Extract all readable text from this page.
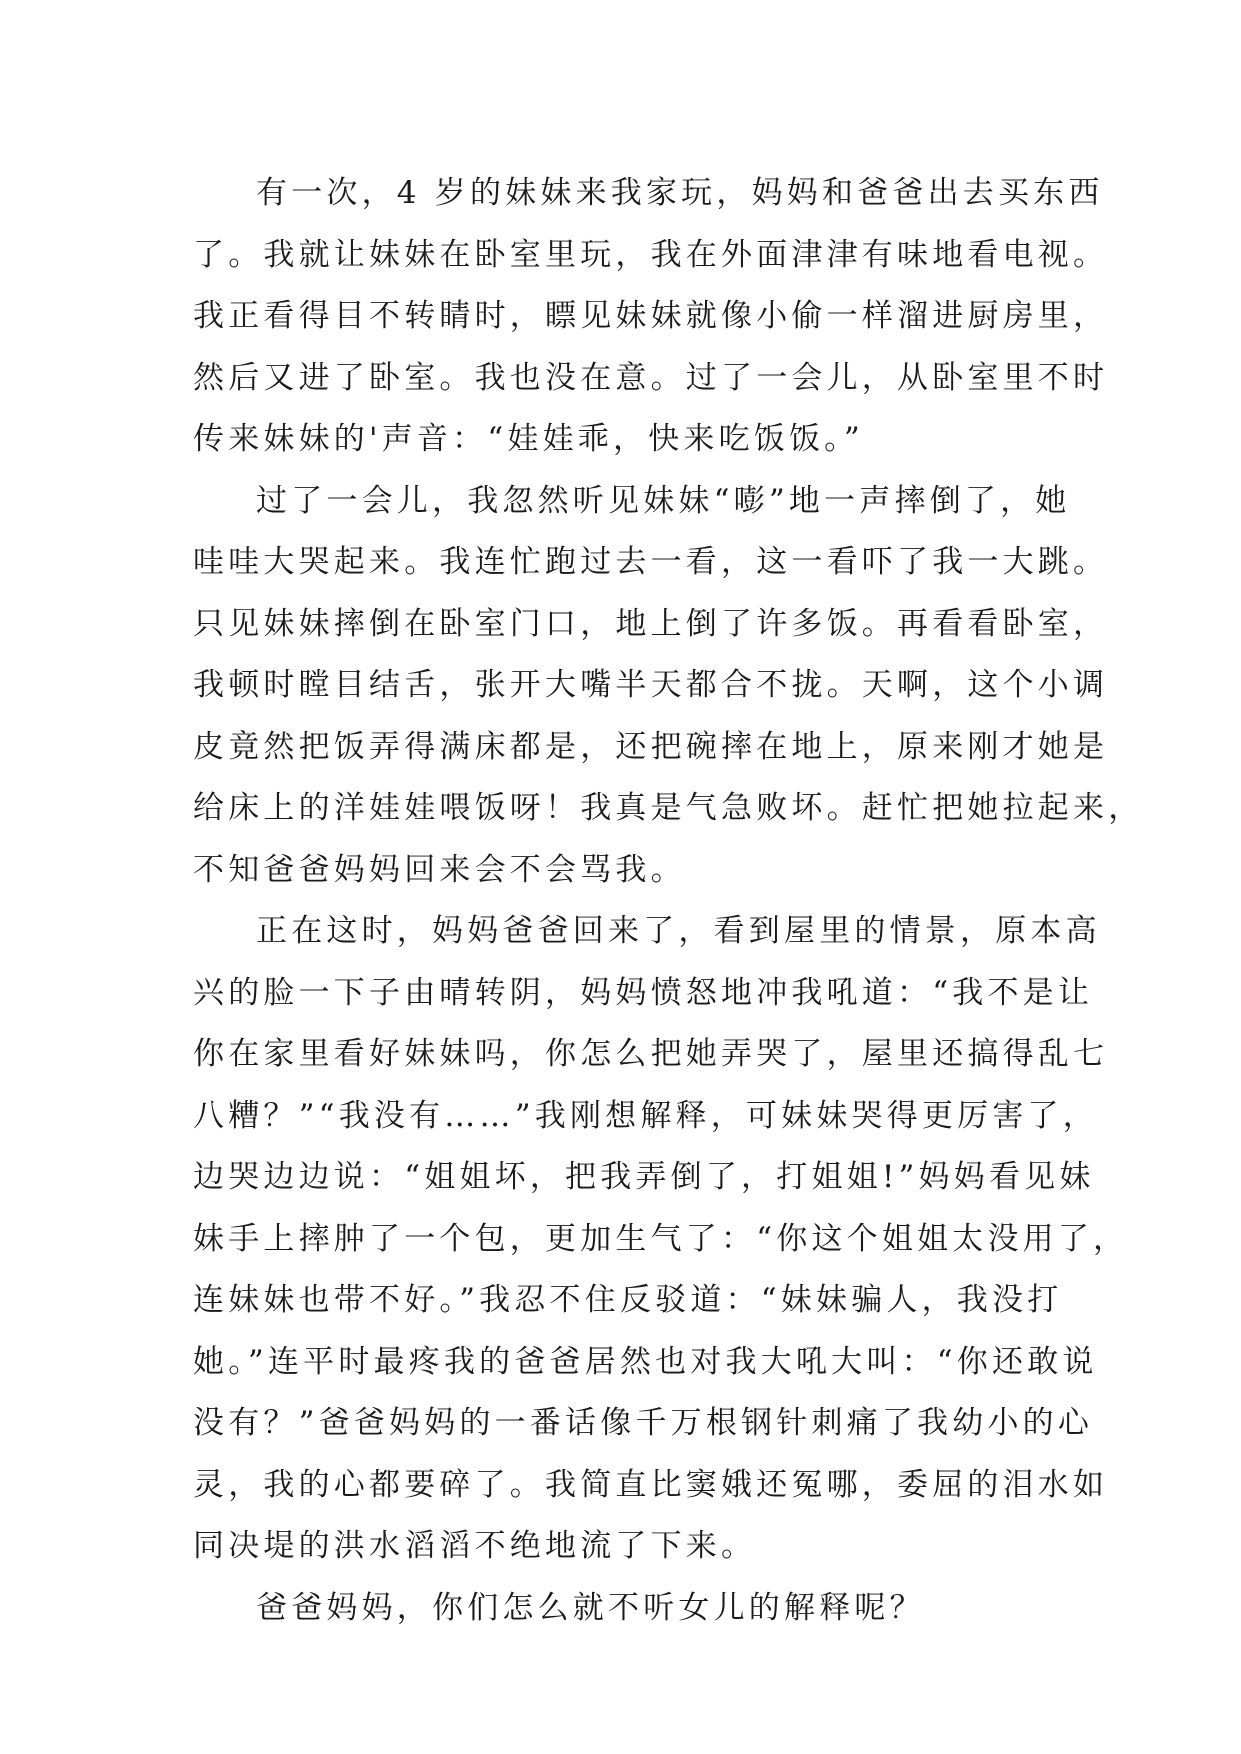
有一次，4 岁的妹妹来我家玩，妈妈和爸爸出去买东西
了。我就让妹妹在卧室里玩，我在外面津津有味地看电视。
我正看得目不转睛时，瞟见妹妹就像小偷一样溜进厨房里，
然后又进了卧室。我也没在意。过了一会儿，从卧室里不时
传来妹妹的'声音：“娃娃乖，快来吃饭饭。”
过了一会儿，我忽然听见妹妹“嘭”地一声摔倒了，她
哇哇大哭起来。我连忙跑过去一看，这一看吓了我一大跳。
只见妹妹摔倒在卧室门口，地上倒了许多饭。再看看卧室，
我顿时瞠目结舌，张开大嘴半天都合不拢。天啊，这个小调
皮竟然把饭弄得满床都是，还把碗摔在地上，原来刚才她是
给床上的洋娃娃喂饭呀！我真是气急败坏。赶忙把她拉起来，
不知爸爸妈妈回来会不会骂我。
正在这时，妈妈爸爸回来了，看到屋里的情景，原本高
兴的脸一下子由晴转阴，妈妈愤怒地冲我吼道：“我不是让
你在家里看好妹妹吗，你怎么把她弄哭了，屋里还搞得乱七
八糟？”“我没有……”我刚想解释，可妹妹哭得更厉害了，
边哭边边说：“姐姐坏，把我弄倒了，打姐姐!”妈妈看见妹
妹手上摔肿了一个包，更加生气了：“你这个姐姐太没用了，
连妹妹也带不好。”我忍不住反驳道：“妹妹骗人，我没打
她。”连平时最疼我的爸爸居然也对我大吼大叫：“你还敢说
没有？”爸爸妈妈的一番话像千万根钢针刺痛了我幼小的心
灵，我的心都要碎了。我简直比窦娥还冤哪，委屈的泪水如
同决堤的洪水滔滔不绝地流了下来。
爸爸妈妈，你们怎么就不听女儿的解释呢？
